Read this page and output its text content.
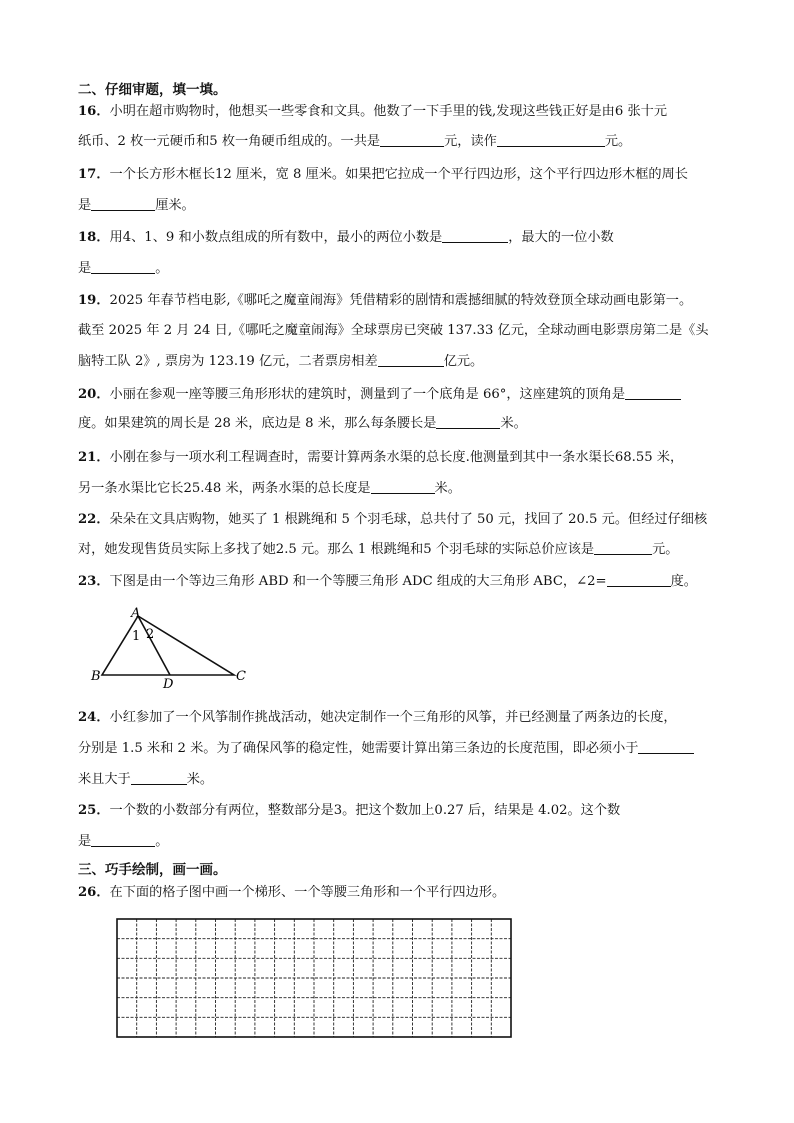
二、仔细审题，填一填。
16．小明在超市购物时，他想买一些零食和文具。他数了一下手里的钱,发现这些钱正好是由6 张十元
纸币、2 枚一元硬币和5 枚一角硬币组成的。一共是	元，读作	元。
17．一个长方形木框长12 厘米，宽 8 厘米。如果把它拉成一个平行四边形，这个平行四边形木框的周长
是	厘米。
18．用4、1、9 和小数点组成的所有数中，最小的两位小数是	，最大的一位小数
是	。
19．2025 年春节档电影,《哪吒之魔童闹海》凭借精彩的剧情和震撼细腻的特效登顶全球动画电影第一。
截至 2025 年 2 月 24 日,《哪吒之魔童闹海》全球票房已突破 137.33 亿元，全球动画电影票房第二是《头
脑特工队 2》, 票房为 123.19 亿元，二者票房相差	亿元。
20．小丽在参观一座等腰三角形形状的建筑时，测量到了一个底角是 66°，这座建筑的顶角是
度。如果建筑的周长是 28 米，底边是 8 米，那么每条腰长是	米。
21．小刚在参与一项水利工程调查时，需要计算两条水渠的总长度.他测量到其中一条水渠长68.55 米，
另一条水渠比它长25.48 米，两条水渠的总长度是	米。
22．朵朵在文具店购物，她买了 1 根跳绳和 5 个羽毛球，总共付了 50 元，找回了 20.5 元。但经过仔细核
对，她发现售货员实际上多找了她2.5 元。那么 1 根跳绳和5 个羽毛球的实际总价应该是	元。
23．下图是由一个等边三角形 ABD 和一个等腰三角形 ADC 组成的大三角形 ABC，∠2=	度。
A
B	C
D
1 2
24．小红参加了一个风筝制作挑战活动，她决定制作一个三角形的风筝，并已经测量了两条边的长度，
分别是 1.5 米和 2 米。为了确保风筝的稳定性，她需要计算出第三条边的长度范围，即必须小于
米且大于	米。
25．一个数的小数部分有两位，整数部分是3。把这个数加上0.27 后，结果是 4.02。这个数
是	。
三、巧手绘制，画一画。
26．在下面的格子图中画一个梯形、一个等腰三角形和一个平行四边形。
